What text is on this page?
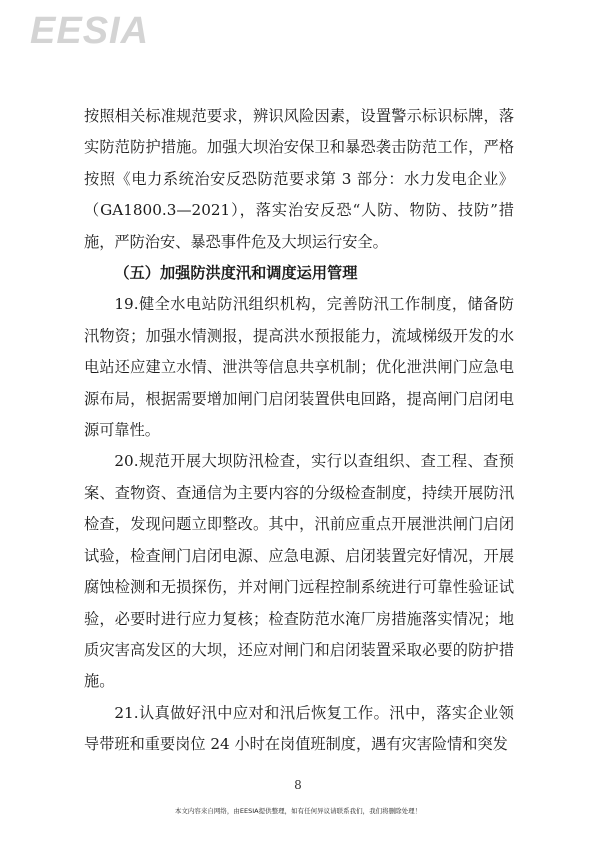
EESIA

按照相关标准规范要求，辨识风险因素，设置警示标识标牌，落实防范防护措施。加强大坝治安保卫和暴恐袭击防范工作，严格按照《电力系统治安反恐防范要求第 3 部分：水力发电企业》（GA1800.3—2021），落实治安反恐“人防、物防、技防”措施，严防治安、暴恐事件危及大坝运行安全。

（五）加强防洪度汛和调度运用管理

19.健全水电站防汛组织机构，完善防汛工作制度，储备防汛物资；加强水情测报，提高洪水预报能力，流域梯级开发的水电站还应建立水情、泄洪等信息共享机制；优化泄洪闸门应急电源布局，根据需要增加闸门启闭装置供电回路，提高闸门启闭电源可靠性。

20.规范开展大坝防汛检查，实行以查组织、查工程、查预案、查物资、查通信为主要内容的分级检查制度，持续开展防汛检查，发现问题立即整改。其中，汛前应重点开展泄洪闸门启闭试验，检查闸门启闭电源、应急电源、启闭装置完好情况，开展腐蚀检测和无损探伤，并对闸门远程控制系统进行可靠性验证试验，必要时进行应力复核；检查防范水淹厂房措施落实情况；地质灾害高发区的大坝，还应对闸门和启闭装置采取必要的防护措施。

21.认真做好汛中应对和汛后恢复工作。汛中，落实企业领导带班和重要岗位 24 小时在岗值班制度，遇有灾害险情和突发

8
本文内容来自网络，由EESIA提供整理，如有任何异议请联系我们，我们将删除处理！
